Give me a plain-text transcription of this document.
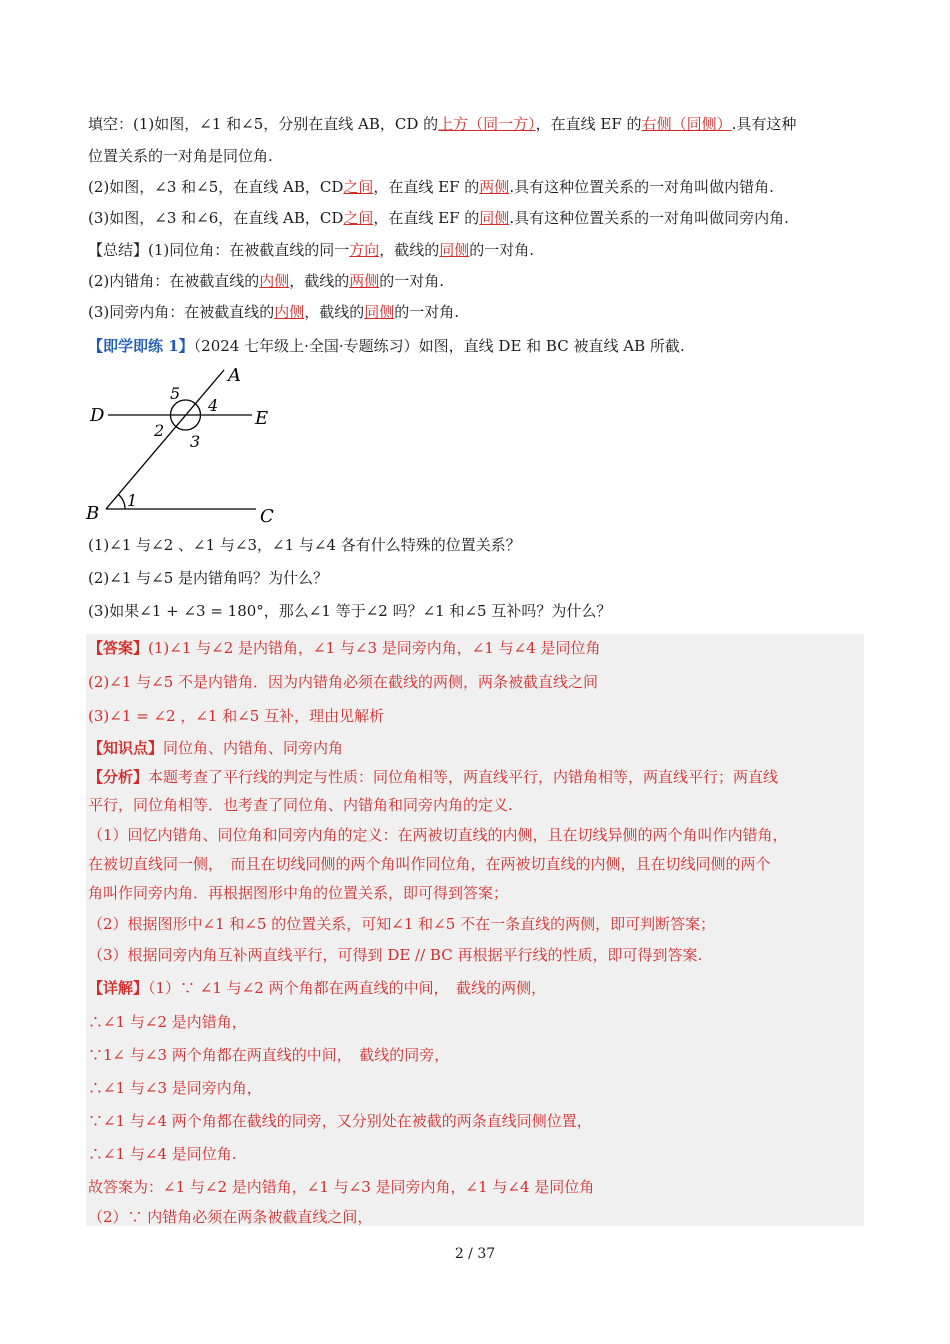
填空：(1)如图，∠1 和∠5，分别在直线 AB，CD 的上方（同一方），在直线 EF 的右侧（同侧）.具有这种
位置关系的一对角是同位角.
(2)如图，∠3 和∠5，在直线 AB，CD之间，在直线 EF 的两侧.具有这种位置关系的一对角叫做内错角.
(3)如图，∠3 和∠6，在直线 AB，CD之间，在直线 EF 的同侧.具有这种位置关系的一对角叫做同旁内角.
【总结】(1)同位角：在被截直线的同一方向，截线的同侧的一对角.
(2)内错角：在被截直线的内侧，截线的两侧的一对角.
(3)同旁内角：在被截直线的内侧，截线的同侧的一对角.
【即学即练 1】（2024 七年级上·全国·专题练习）如图，直线 DE 和 BC 被直线 AB 所截.
A
D	E
B	C
5
4
2
3
1
(1)∠1 与∠2 、∠1 与∠3，∠1 与∠4 各有什么特殊的位置关系？
(2)∠1 与∠5 是内错角吗？为什么？
(3)如果∠1 + ∠3 = 180°，那么∠1 等于∠2 吗？∠1 和∠5 互补吗？为什么？
【答案】(1)∠1 与∠2 是内错角，∠1 与∠3 是同旁内角，∠1 与∠4 是同位角
(2)∠1 与∠5 不是内错角．因为内错角必须在截线的两侧，两条被截直线之间
(3)∠1 = ∠2 ，∠1 和∠5 互补，理由见解析
【知识点】同位角、内错角、同旁内角
【分析】本题考查了平行线的判定与性质：同位角相等，两直线平行，内错角相等，两直线平行；两直线
平行，同位角相等．也考查了同位角、内错角和同旁内角的定义.
（1）回忆内错角、同位角和同旁内角的定义：在两被切直线的内侧，且在切线异侧的两个角叫作内错角，
在被切直线同一侧，　而且在切线同侧的两个角叫作同位角，在两被切直线的内侧，且在切线同侧的两个
角叫作同旁内角．再根据图形中角的位置关系，即可得到答案；
（2）根据图形中∠1 和∠5 的位置关系，可知∠1 和∠5 不在一条直线的两侧，即可判断答案；
（3）根据同旁内角互补两直线平行，可得到 DE // BC 再根据平行线的性质，即可得到答案.
【详解】（1）∵ ∠1 与∠2 两个角都在两直线的中间，　截线的两侧，
∴∠1 与∠2 是内错角，
∵1∠ 与∠3 两个角都在两直线的中间，　截线的同旁，
∴∠1 与∠3 是同旁内角，
∵∠1 与∠4 两个角都在截线的同旁，又分别处在被截的两条直线同侧位置，
∴∠1 与∠4 是同位角.
故答案为：∠1 与∠2 是内错角，∠1 与∠3 是同旁内角，∠1 与∠4 是同位角
（2）∵ 内错角必须在两条被截直线之间，
2 / 37
